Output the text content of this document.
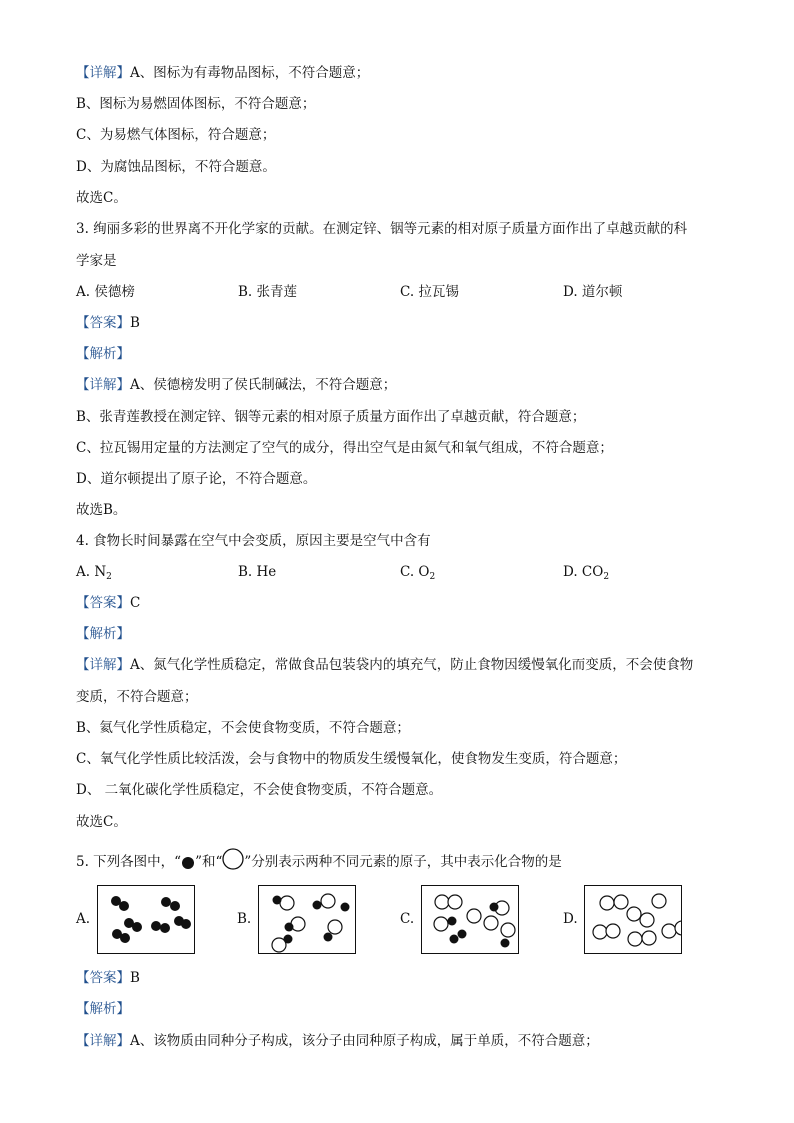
【详解】A、图标为有毒物品图标，不符合题意；
B、图标为易燃固体图标，不符合题意；
C、为易燃气体图标，符合题意；
D、为腐蚀品图标，不符合题意。
故选C。
3. 绚丽多彩的世界离不开化学家的贡献。在测定锌、铟等元素的相对原子质量方面作出了卓越贡献的科
学家是
A. 侯德榜	B. 张青莲	C. 拉瓦锡	D. 道尔顿
【答案】B
【解析】
【详解】A、侯德榜发明了侯氏制碱法，不符合题意；
B、张青莲教授在测定锌、铟等元素的相对原子质量方面作出了卓越贡献，符合题意；
C、拉瓦锡用定量的方法测定了空气的成分，得出空气是由氮气和氧气组成，不符合题意；
D、道尔顿提出了原子论，不符合题意。
故选B。
4. 食物长时间暴露在空气中会变质，原因主要是空气中含有
A. $N_2$	B. He	C. $O_2$	D. $CO_2$
【答案】C
【解析】
【详解】A、氮气化学性质稳定，常做食品包装袋内的填充气，防止食物因缓慢氧化而变质，不会使食物
变质，不符合题意；
B、氦气化学性质稳定，不会使食物变质，不符合题意；
C、氧气化学性质比较活泼，会与食物中的物质发生缓慢氧化，使食物发生变质，符合题意；
D、 二氧化碳化学性质稳定，不会使食物变质，不符合题意。
故选C。
5. 下列各图中，“ ”和“ ”分别表示两种不同元素的原子，其中表示化合物的是
A.	B.	C.	D.
【答案】B
【解析】
【详解】A、该物质由同种分子构成，该分子由同种原子构成，属于单质，不符合题意；
